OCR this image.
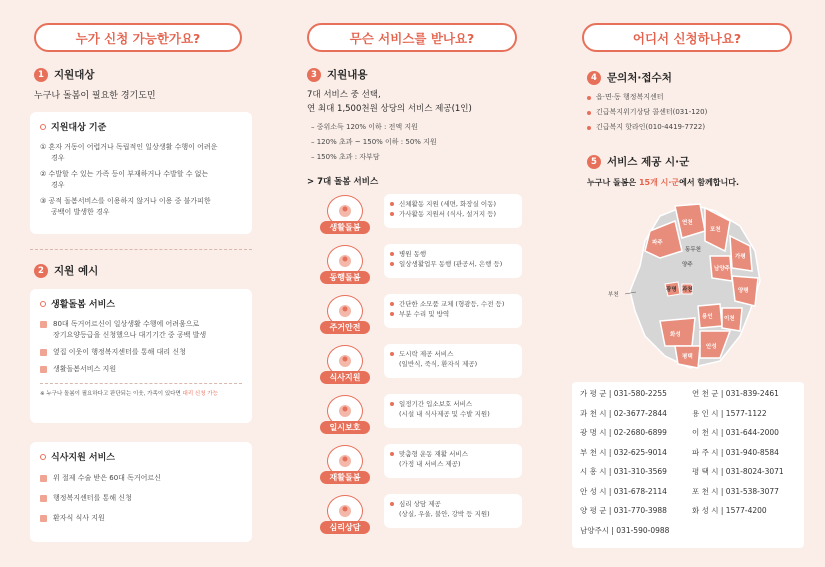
누가 신청 가능한가요?
1 지원대상
누구나 돌봄이 필요한 경기도민
지원대상 기준
① 혼자 거동이 어렵거나 독립적인 일상생활 수행이 어려운
경우
② 수발할 수 있는 가족 등이 부재하거나 수발할 수 없는
경우
③ 공적 돌봄서비스를 이용하지 않거나 이용 중 불가피한
공백이 발생한 경우
2 지원 예시
생활돌봄 서비스
80대 독거어르신이 일상생활 수행에 어려움으로
장기요양등급을 신청했으나 대기기간 중 공백 발생
옆집 이웃이 행정복지센터를 통해 대리 신청
생활돌봄서비스 지원
※ 누구나 돌봄이 필요하다고 판단되는 이웃, 가족이 있다면
대리 신청 가능
식사지원 서비스
위 절제 수술 받은 60대 독거어르신
행정복지센터를 통해 신청
환자식 식사 지원
무슨 서비스를 받나요?
3 지원내용
7대 서비스 중 선택,
연 최대 1,500천원 상당의 서비스 제공(1인)
– 중위소득 120% 이하 : 전액 지원
– 120% 초과 ~ 150% 이하 : 50% 지원
– 150% 초과 : 자부담
> 7대 돌봄 서비스
생활돌봄
신체활동 지원 (세면, 화장실 이동)
가사활동 지원서 (식사, 설거지 등)
동행돌봄
병원 동행
일상생활업무 동행 (관공서, 은행 등)
주거안전
간단한 소모품 교체 (형광등, 수전 등)
부분 수리 및 방역
식사지원
도시락 제공 서비스
(일반식, 죽식, 환자식 제공)
일시보호
일정기간 입소보호 서비스
(시설 내 식사제공 및 수발 지원)
재활돌봄
맞춤형 운동 재활 서비스
(가정 내 서비스 제공)
심리상담
심리 상담 제공
(상실, 우울, 불안, 강박 등 지원)
어디서 신청하나요?
4 문의처·접수처
읍·면·동 행정복지센터
긴급복지위기상담 콜센터(031-120)
긴급복지 핫라인(010-4419-7722)
5 서비스 제공 시·군
누구나 돌봄은 15개 시·군에서 함께합니다.
연천
포천
파주
동두천
양주
가평
남양주
부천
광명 과천	양평
화성
용인 이천
안성
평택
가 평 군 | 031-580-2255	연 천 군 | 031-839-2461
과 천 시 | 02-3677-2844	용 인 시 | 1577-1122
광 명 시 | 02-2680-6899	이 천 시 | 031-644-2000
부 천 시 | 032-625-9014	파 주 시 | 031-940-8584
시 흥 시 | 031-310-3569	평 택 시 | 031-8024-3071
안 성 시 | 031-678-2114	포 천 시 | 031-538-3077
양 평 군 | 031-770-3988	화 성 시 | 1577-4200
남양주시 | 031-590-0988
